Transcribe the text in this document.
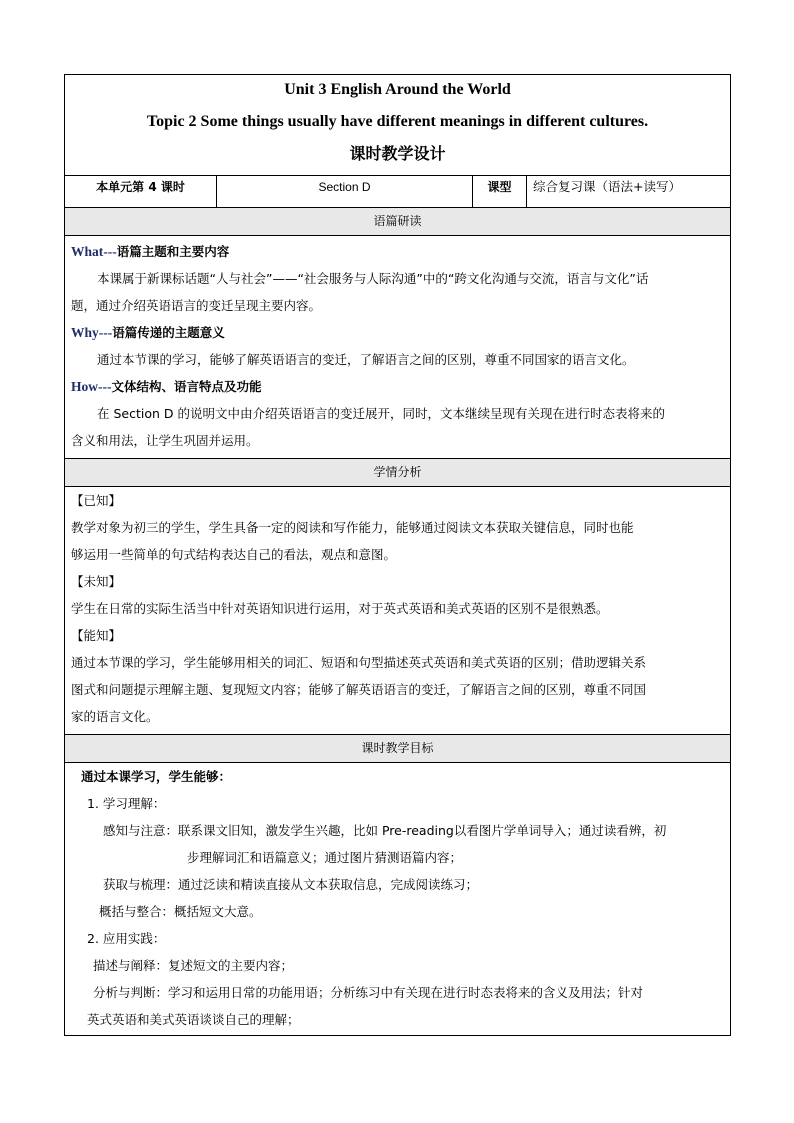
Unit 3 English Around the World
Topic 2 Some things usually have different meanings in different cultures.
课时教学设计

本单元第 4 课时	Section D	课型	综合复习课（语法+读写）
语篇研读

What---语篇主题和主要内容
本课属于新课标话题“人与社会”——“社会服务与人际沟通”中的“跨文化沟通与交流，语言与文化”话
题，通过介绍英语语言的变迁呈现主要内容。
Why---语篇传递的主题意义
通过本节课的学习，能够了解英语语言的变迁，了解语言之间的区别，尊重不同国家的语言文化。
How---文体结构、语言特点及功能
在 Section D 的说明文中由介绍英语语言的变迁展开，同时，文本继续呈现有关现在进行时态表将来的
含义和用法，让学生巩固并运用。

学情分析

【已知】
教学对象为初三的学生，学生具备一定的阅读和写作能力，能够通过阅读文本获取关键信息，同时也能
够运用一些简单的句式结构表达自己的看法，观点和意图。
【未知】
学生在日常的实际生活当中针对英语知识进行运用，对于英式英语和美式英语的区别不是很熟悉。
【能知】
通过本节课的学习，学生能够用相关的词汇、短语和句型描述英式英语和美式英语的区别；借助逻辑关系
图式和问题提示理解主题、复现短文内容；能够了解英语语言的变迁，了解语言之间的区别，尊重不同国
家的语言文化。

课时教学目标

通过本课学习，学生能够：
1. 学习理解：
感知与注意：联系课文旧知，激发学生兴趣，比如 Pre-reading以看图片学单词导入；通过读看辨，初
步理解词汇和语篇意义；通过图片猜测语篇内容；
获取与梳理：通过泛读和精读直接从文本获取信息，完成阅读练习；
概括与整合：概括短文大意。
2. 应用实践：
描述与阐释：复述短文的主要内容；
分析与判断：学习和运用日常的功能用语；分析练习中有关现在进行时态表将来的含义及用法；针对
英式英语和美式英语谈谈自己的理解；
